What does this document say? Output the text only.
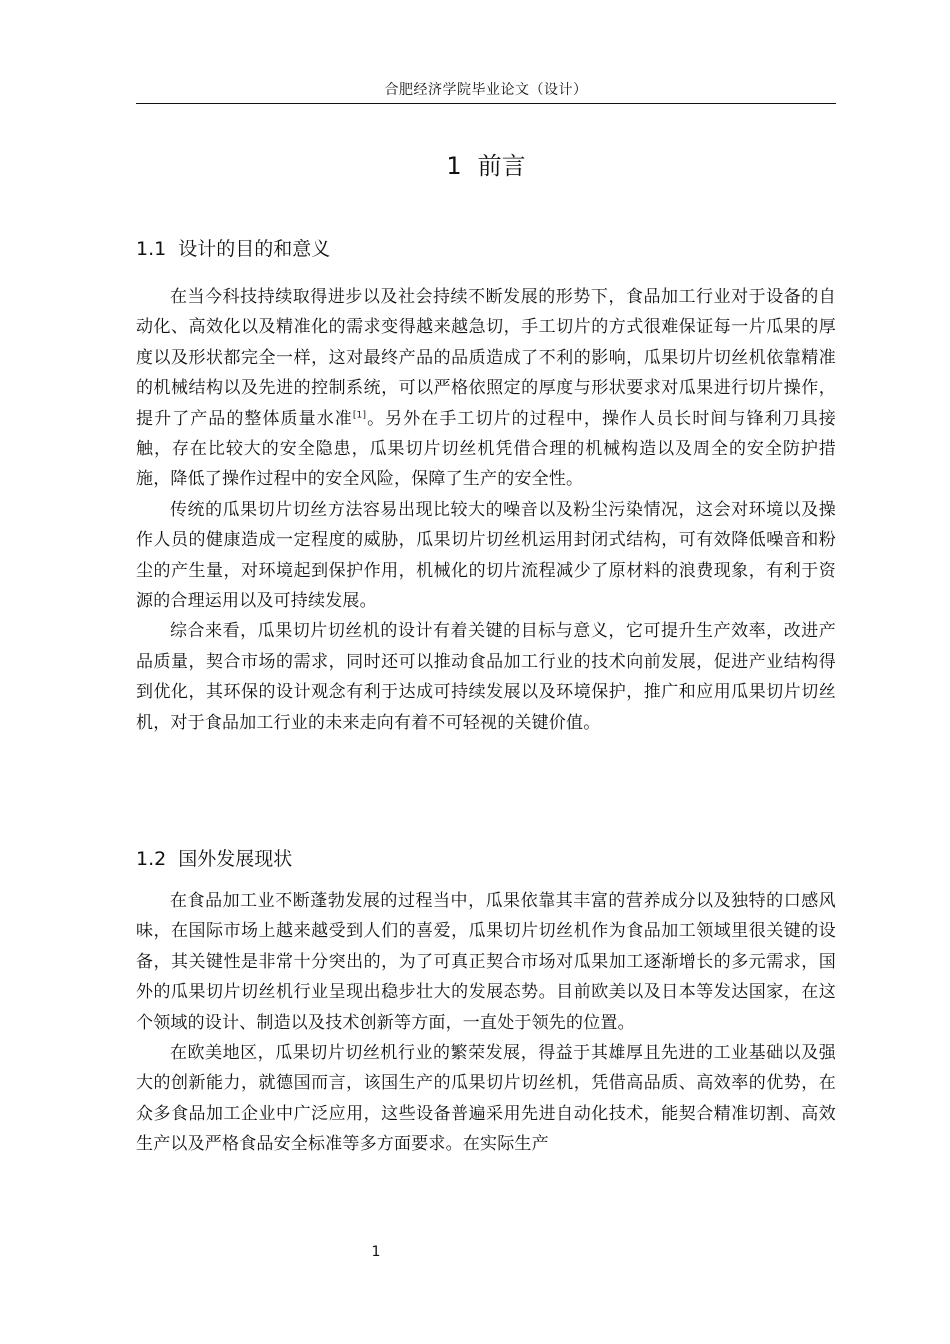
合肥经济学院毕业论文（设计）
1 前言
1.1 设计的目的和意义

在当今科技持续取得进步以及社会持续不断发展的形势下，食品加工行业对于设备的自动化、高效化以及精准化的需求变得越来越急切，手工切片的方式很难保证每一片瓜果的厚度以及形状都完全一样，这对最终产品的品质造成了不利的影响，瓜果切片切丝机依靠精准的机械结构以及先进的控制系统，可以严格依照定的厚度与形状要求对瓜果进行切片操作，提升了产品的整体质量水准[1]。另外在手工切片的过程中，操作人员长时间与锋利刀具接触，存在比较大的安全隐患，瓜果切片切丝机凭借合理的机械构造以及周全的安全防护措施，降低了操作过程中的安全风险，保障了生产的安全性。

传统的瓜果切片切丝方法容易出现比较大的噪音以及粉尘污染情况，这会对环境以及操作人员的健康造成一定程度的威胁，瓜果切片切丝机运用封闭式结构，可有效降低噪音和粉尘的产生量，对环境起到保护作用，机械化的切片流程减少了原材料的浪费现象，有利于资源的合理运用以及可持续发展。

综合来看，瓜果切片切丝机的设计有着关键的目标与意义，它可提升生产效率，改进产品质量，契合市场的需求，同时还可以推动食品加工行业的技术向前发展，促进产业结构得到优化，其环保的设计观念有利于达成可持续发展以及环境保护，推广和应用瓜果切片切丝机，对于食品加工行业的未来走向有着不可轻视的关键价值。

1.2 国外发展现状

在食品加工业不断蓬勃发展的过程当中，瓜果依靠其丰富的营养成分以及独特的口感风味，在国际市场上越来越受到人们的喜爱，瓜果切片切丝机作为食品加工领域里很关键的设备，其关键性是非常十分突出的，为了可真正契合市场对瓜果加工逐渐增长的多元需求，国外的瓜果切片切丝机行业呈现出稳步壮大的发展态势。目前欧美以及日本等发达国家，在这个领域的设计、制造以及技术创新等方面，一直处于领先的位置。

在欧美地区，瓜果切片切丝机行业的繁荣发展，得益于其雄厚且先进的工业基础以及强大的创新能力，就德国而言，该国生产的瓜果切片切丝机，凭借高品质、高效率的优势，在众多食品加工企业中广泛应用，这些设备普遍采用先进自动化技术，能契合精准切割、高效生产以及严格食品安全标准等多方面要求。在实际生产

1
